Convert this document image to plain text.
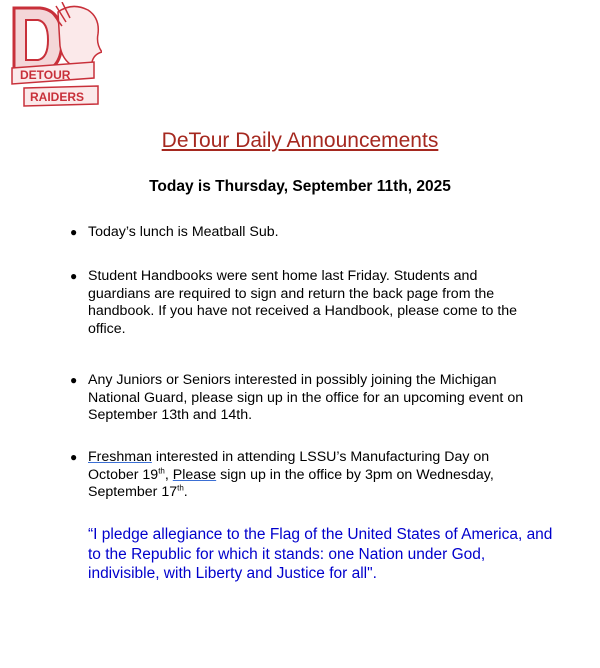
DETOUR
RAIDERS
DeTour Daily Announcements
Today is Thursday, September 11th, 2025
● Today’s lunch is Meatball Sub.
● Student Handbooks were sent home last Friday. Students and guardians are required to sign and return the back page from the handbook. If you have not received a Handbook, please come to the office.
● Any Juniors or Seniors interested in possibly joining the Michigan National Guard, please sign up in the office for an upcoming event on September 13th and 14th.
● Freshman interested in attending LSSU’s Manufacturing Day on October 19th, Please sign up in the office by 3pm on Wednesday, September 17th.
“I pledge allegiance to the Flag of the United States of America, and to the Republic for which it stands: one Nation under God, indivisible, with Liberty and Justice for all".
